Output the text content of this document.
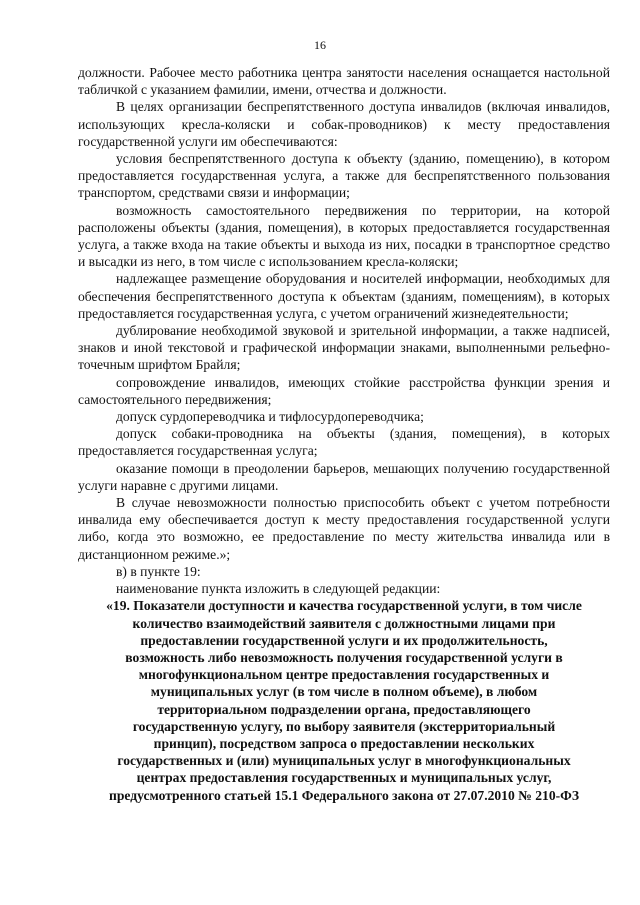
16

должности. Рабочее место работника центра занятости населения оснащается настольной табличкой с указанием фамилии, имени, отчества и должности.

В целях организации беспрепятственного доступа инвалидов (включая инвалидов, использующих кресла-коляски и собак-проводников) к месту предоставления государственной услуги им обеспечиваются:

условия беспрепятственного доступа к объекту (зданию, помещению), в котором предоставляется государственная услуга, а также для беспрепятственного пользования транспортом, средствами связи и информации;

возможность самостоятельного передвижения по территории, на которой расположены объекты (здания, помещения), в которых предоставляется государственная услуга, а также входа на такие объекты и выхода из них, посадки в транспортное средство и высадки из него, в том числе с использованием кресла-коляски;

надлежащее размещение оборудования и носителей информации, необходимых для обеспечения беспрепятственного доступа к объектам (зданиям, помещениям), в которых предоставляется государственная услуга, с учетом ограничений жизнедеятельности;

дублирование необходимой звуковой и зрительной информации, а также надписей, знаков и иной текстовой и графической информации знаками, выполненными рельефно-точечным шрифтом Брайля;

сопровождение инвалидов, имеющих стойкие расстройства функции зрения и самостоятельного передвижения;

допуск сурдопереводчика и тифлосурдопереводчика;

допуск собаки-проводника на объекты (здания, помещения), в которых предоставляется государственная услуга;

оказание помощи в преодолении барьеров, мешающих получению государственной услуги наравне с другими лицами.

В случае невозможности полностью приспособить объект с учетом потребности инвалида ему обеспечивается доступ к месту предоставления государственной услуги либо, когда это возможно, ее предоставление по месту жительства инвалида или в дистанционном режиме.»;

в) в пункте 19:

наименование пункта изложить в следующей редакции:

«19. Показатели доступности и качества государственной услуги, в том числе
количество взаимодействий заявителя с должностными лицами при
предоставлении государственной услуги и их продолжительность,
возможность либо невозможность получения государственной услуги в
многофункциональном центре предоставления государственных и
муниципальных услуг (в том числе в полном объеме), в любом
территориальном подразделении органа, предоставляющего
государственную услугу, по выбору заявителя (экстерриториальный
принцип), посредством запроса о предоставлении нескольких
государственных и (или) муниципальных услуг в многофункциональных
центрах предоставления государственных и муниципальных услуг,
предусмотренного статьей 15.1 Федерального закона от 27.07.2010 № 210-ФЗ
